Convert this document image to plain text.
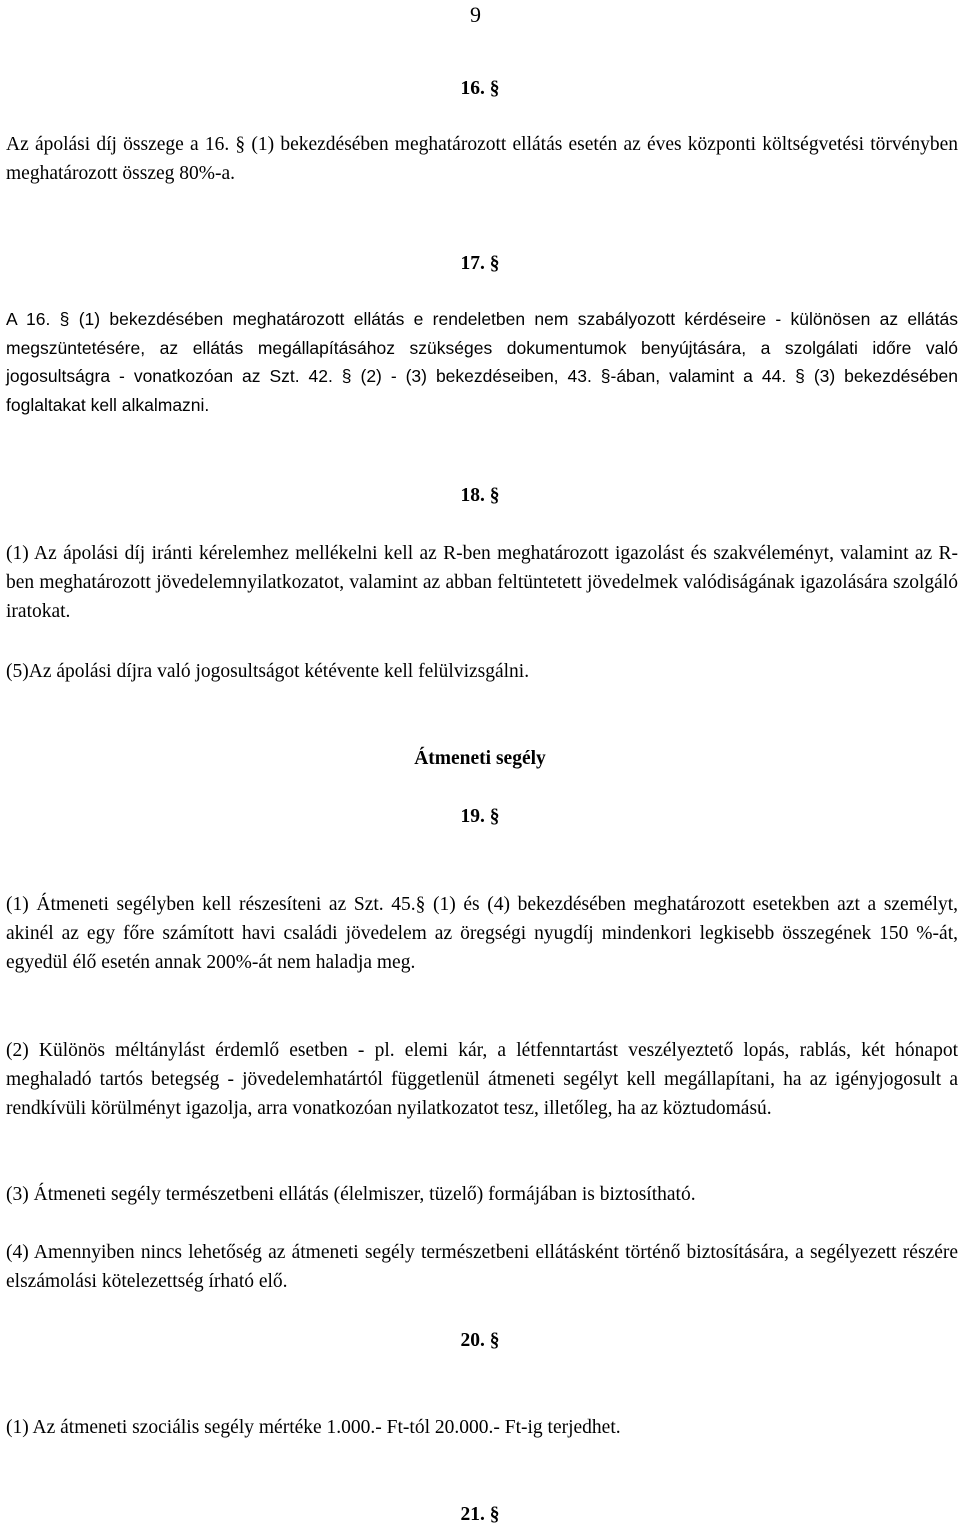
9
16. §

Az ápolási díj összege a 16. § (1) bekezdésében meghatározott ellátás esetén az éves központi költségvetési törvényben meghatározott összeg 80%-a.

17. §

A 16. § (1) bekezdésében meghatározott ellátás e rendeletben nem szabályozott kérdéseire - különösen az ellátás megszüntetésére, az ellátás megállapításához szükséges dokumentumok benyújtására, a szolgálati időre való jogosultságra - vonatkozóan az Szt. 42. § (2) - (3) bekezdéseiben, 43. §-ában, valamint a 44. § (3) bekezdésében foglaltakat kell alkalmazni.

18. §

(1) Az ápolási díj iránti kérelemhez mellékelni kell az R-ben meghatározott igazolást és szakvéleményt, valamint az R-ben meghatározott jövedelemnyilatkozatot, valamint az abban feltüntetett jövedelmek valódiságának igazolására szolgáló iratokat.

(5)Az ápolási díjra való jogosultságot kétévente kell felülvizsgálni.

Átmeneti segély
19. §

(1) Átmeneti segélyben kell részesíteni az Szt. 45.§ (1) és (4) bekezdésében meghatározott esetekben azt a személyt, akinél az egy főre számított havi családi jövedelem az öregségi nyugdíj mindenkori legkisebb összegének 150 %-át, egyedül élő esetén annak 200%-át nem haladja meg.

(2) Különös méltánylást érdemlő esetben - pl. elemi kár, a létfenntartást veszélyeztető lopás, rablás, két hónapot meghaladó tartós betegség - jövedelemhatártól függetlenül átmeneti segélyt kell megállapítani, ha az igényjogosult a rendkívüli körülményt igazolja, arra vonatkozóan nyilatkozatot tesz, illetőleg, ha az köztudomású.

(3) Átmeneti segély természetbeni ellátás (élelmiszer, tüzelő) formájában is biztosítható.

(4) Amennyiben nincs lehetőség az átmeneti segély természetbeni ellátásként történő biztosítására, a segélyezett részére elszámolási kötelezettség írható elő.

20. §

(1) Az átmeneti szociális segély mértéke 1.000.- Ft-tól 20.000.- Ft-ig terjedhet.

21. §
